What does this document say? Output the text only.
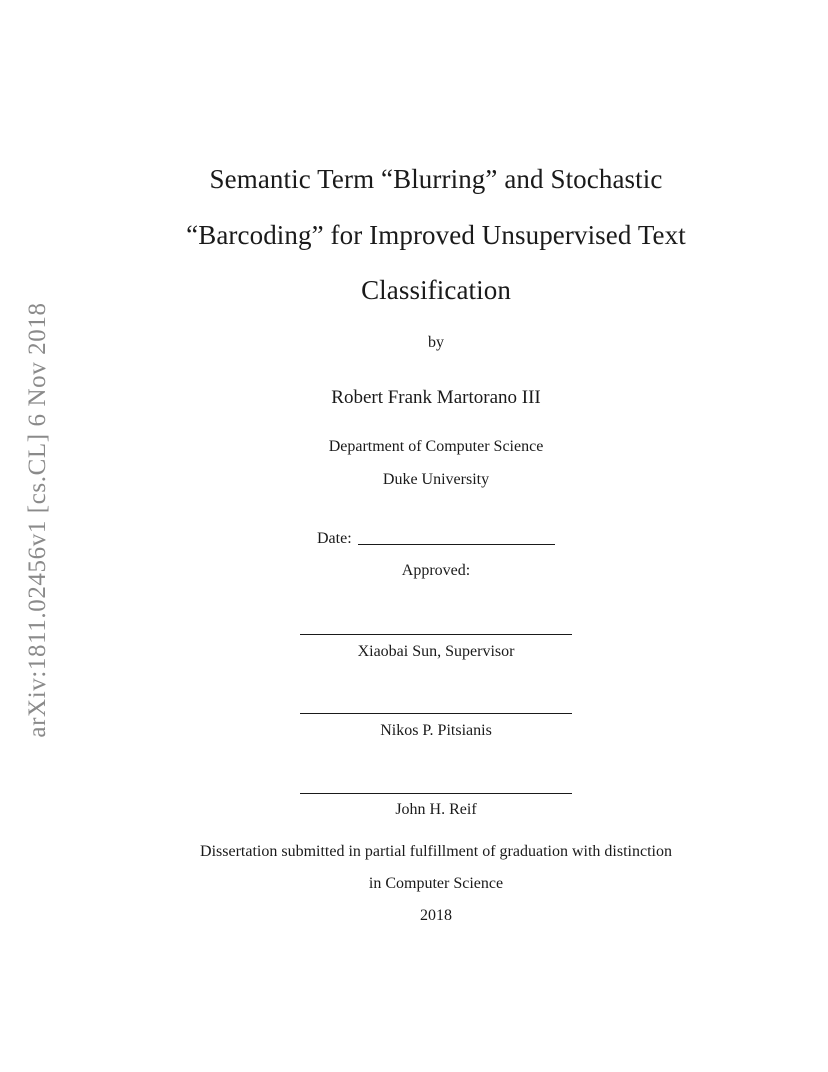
arXiv:1811.02456v1 [cs.CL] 6 Nov 2018
Semantic Term “Blurring” and Stochastic
“Barcoding” for Improved Unsupervised Text
Classification
by
Robert Frank Martorano III
Department of Computer Science
Duke University
Date:
Approved:
Xiaobai Sun, Supervisor
Nikos P. Pitsianis
John H. Reif
Dissertation submitted in partial fulfillment of graduation with distinction
in Computer Science
2018
